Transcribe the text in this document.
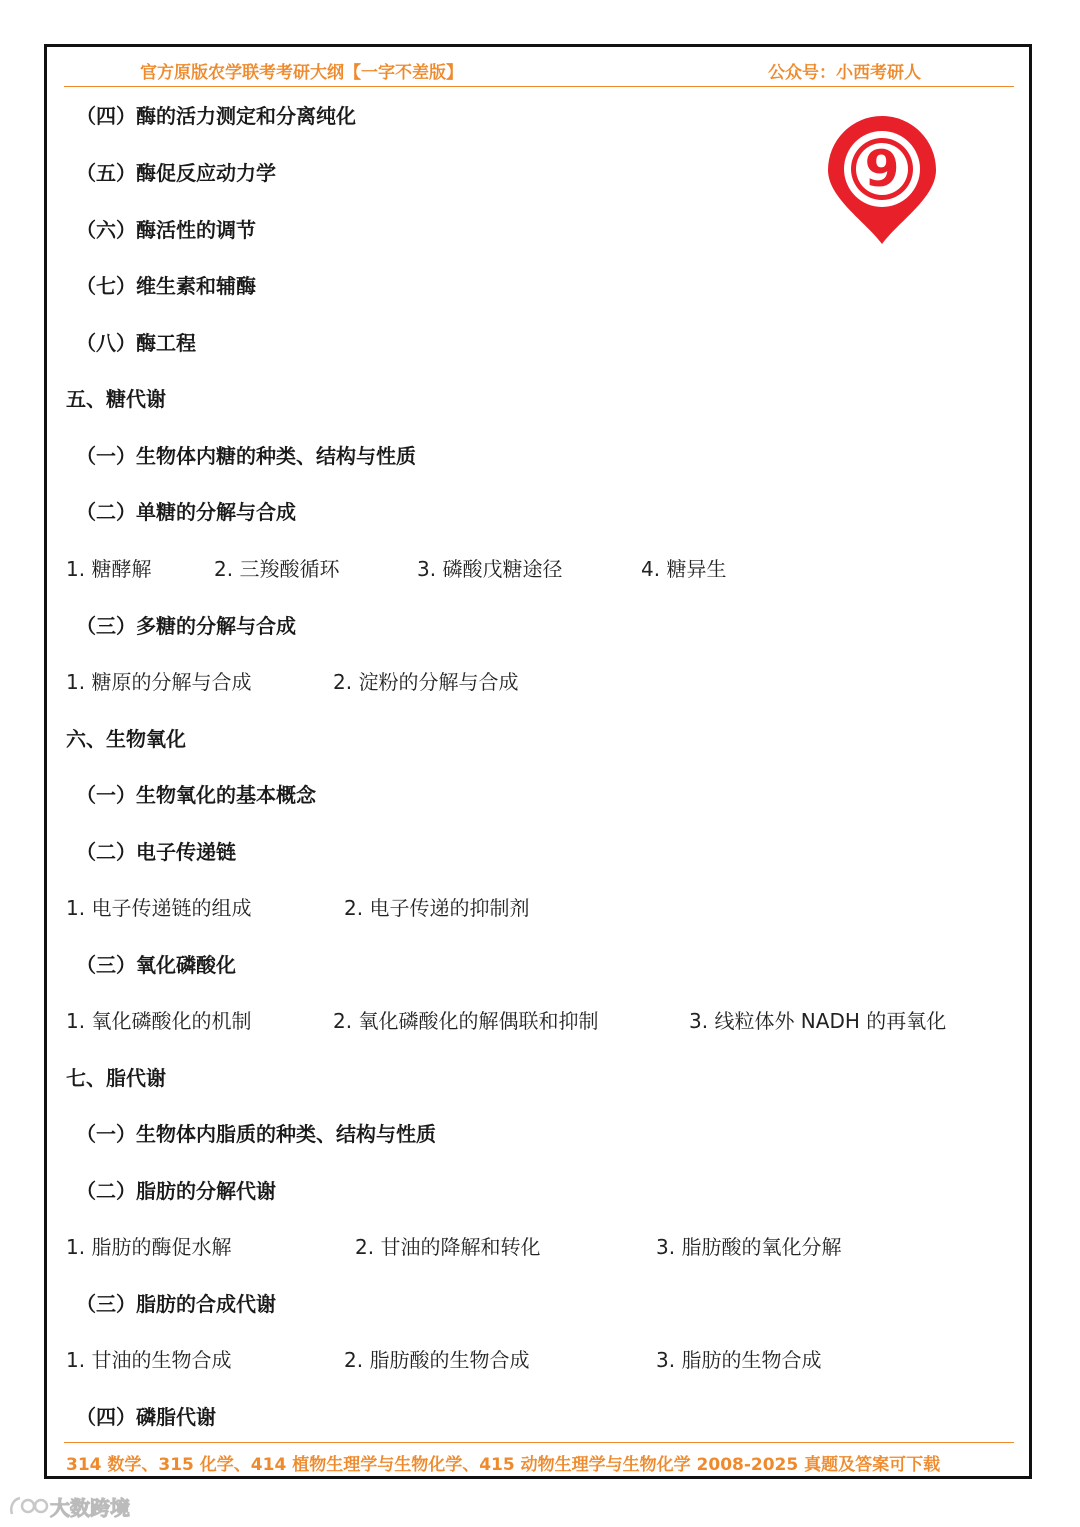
官方原版农学联考考研大纲【一字不差版】	公众号：小西考研人
9
（四）酶的活力测定和分离纯化
（五）酶促反应动力学
（六）酶活性的调节
（七）维生素和辅酶
（八）酶工程
五、糖代谢
（一）生物体内糖的种类、结构与性质
（二）单糖的分解与合成
1. 糖酵解	2. 三羧酸循环	3. 磷酸戊糖途径	4. 糖异生
（三）多糖的分解与合成
1. 糖原的分解与合成	2. 淀粉的分解与合成
六、生物氧化
（一）生物氧化的基本概念
（二）电子传递链
1. 电子传递链的组成	2. 电子传递的抑制剂
（三）氧化磷酸化
1. 氧化磷酸化的机制	2. 氧化磷酸化的解偶联和抑制	3. 线粒体外 NADH 的再氧化
七、脂代谢
（一）生物体内脂质的种类、结构与性质
（二）脂肪的分解代谢
1. 脂肪的酶促水解	2. 甘油的降解和转化	3. 脂肪酸的氧化分解
（三）脂肪的合成代谢
1. 甘油的生物合成	2. 脂肪酸的生物合成	3. 脂肪的生物合成
（四）磷脂代谢
314 数学、315 化学、414 植物生理学与生物化学、415 动物生理学与生物化学 2008-2025 真题及答案可下载
大数跨境
